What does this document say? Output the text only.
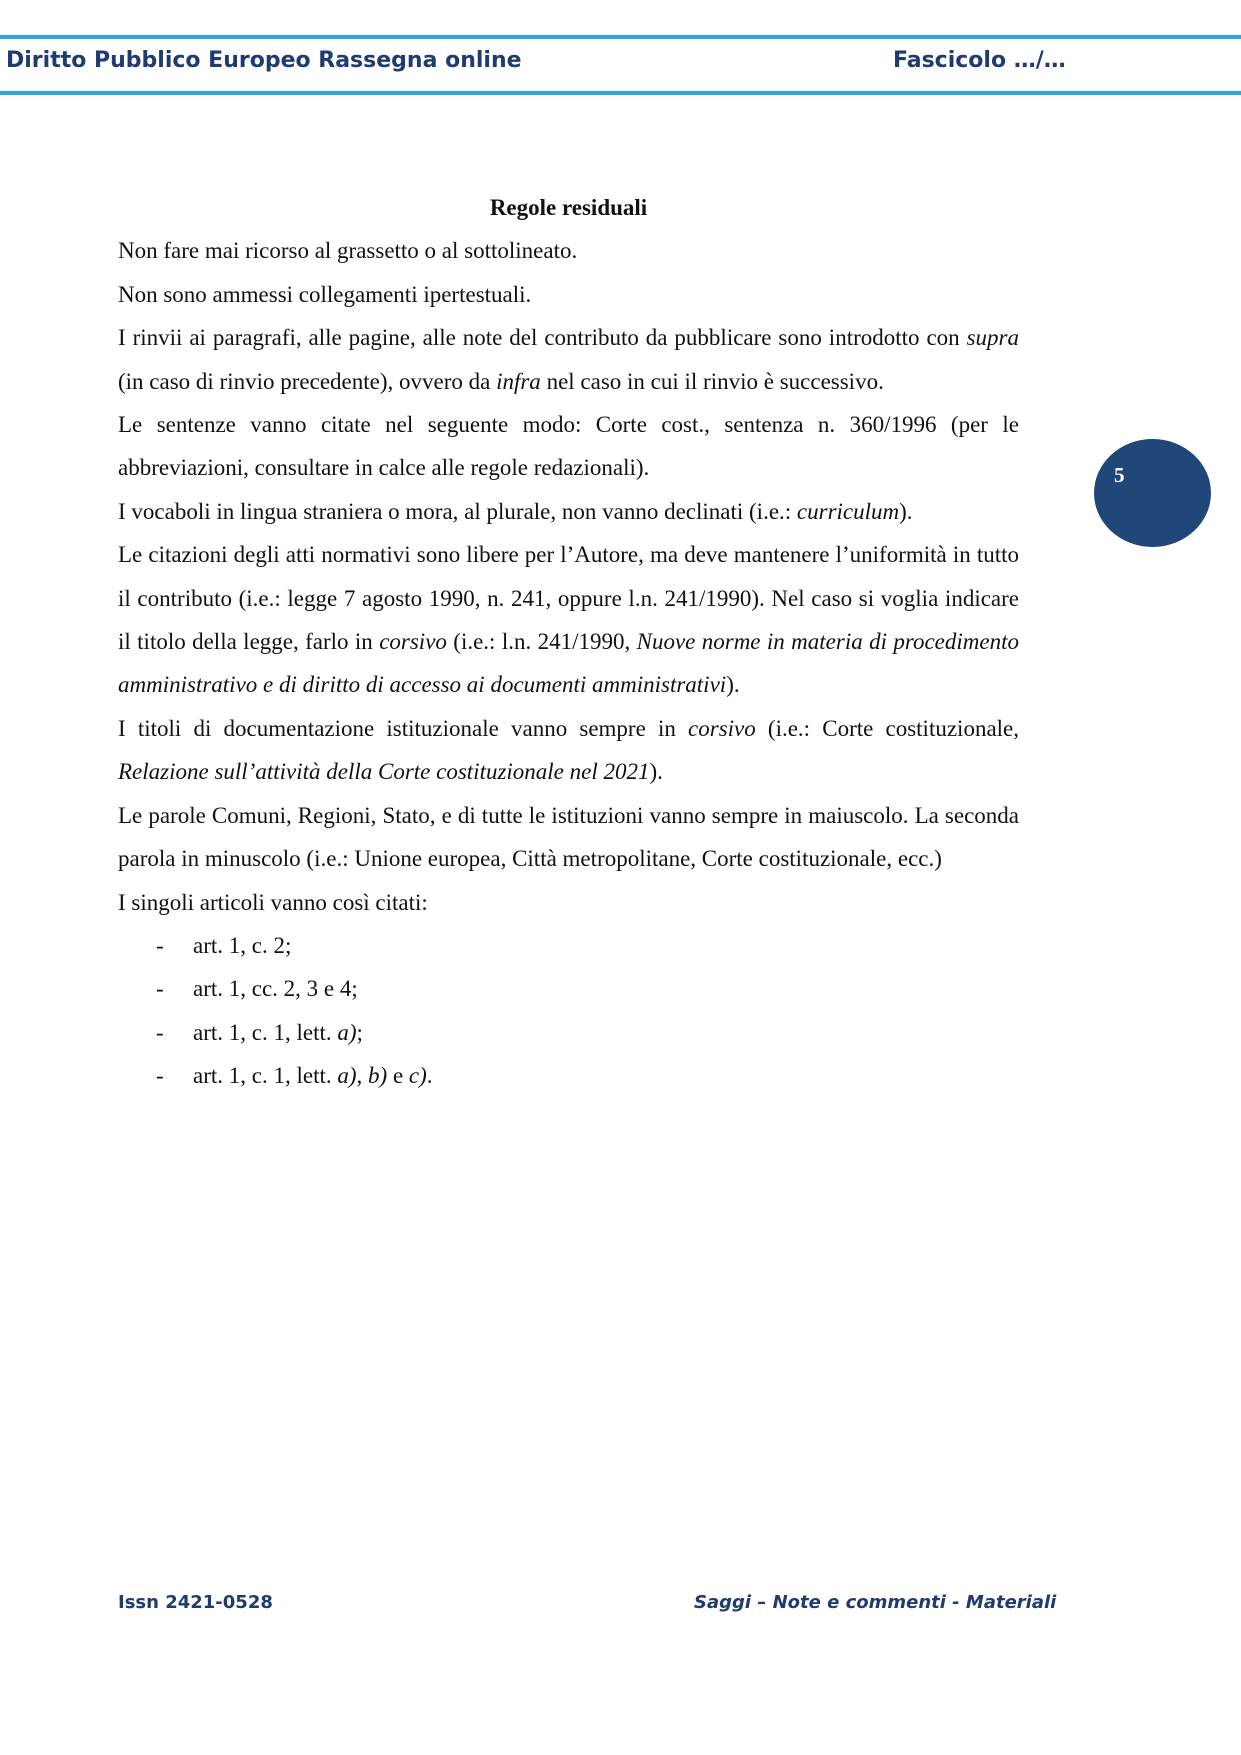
Diritto Pubblico Europeo Rassegna online	Fascicolo …/…
5

Regole residuali

Non fare mai ricorso al grassetto o al sottolineato.

Non sono ammessi collegamenti ipertestuali.

I rinvii ai paragrafi, alle pagine, alle note del contributo da pubblicare sono introdotto con supra (in caso di rinvio precedente), ovvero da infra nel caso in cui il rinvio è successivo.

Le sentenze vanno citate nel seguente modo: Corte cost., sentenza n. 360/1996 (per le abbreviazioni, consultare in calce alle regole redazionali).

I vocaboli in lingua straniera o mora, al plurale, non vanno declinati (i.e.: curriculum).

Le citazioni degli atti normativi sono libere per l’Autore, ma deve mantenere l’uniformità in tutto il contributo (i.e.: legge 7 agosto 1990, n. 241, oppure l.n. 241/1990). Nel caso si voglia indicare il titolo della legge, farlo in corsivo (i.e.: l.n. 241/1990, Nuove norme in materia di procedimento amministrativo e di diritto di accesso ai documenti amministrativi).

I titoli di documentazione istituzionale vanno sempre in corsivo (i.e.: Corte costituzionale, Relazione sull’attività della Corte costituzionale nel 2021).

Le parole Comuni, Regioni, Stato, e di tutte le istituzioni vanno sempre in maiuscolo. La seconda parola in minuscolo (i.e.: Unione europea, Città metropolitane, Corte costituzionale, ecc.)

I singoli articoli vanno così citati:

- art. 1, c. 2;
- art. 1, cc. 2, 3 e 4;
- art. 1, c. 1, lett. a);
- art. 1, c. 1, lett. a), b) e c).
Issn 2421-0528	Saggi – Note e commenti - Materiali
